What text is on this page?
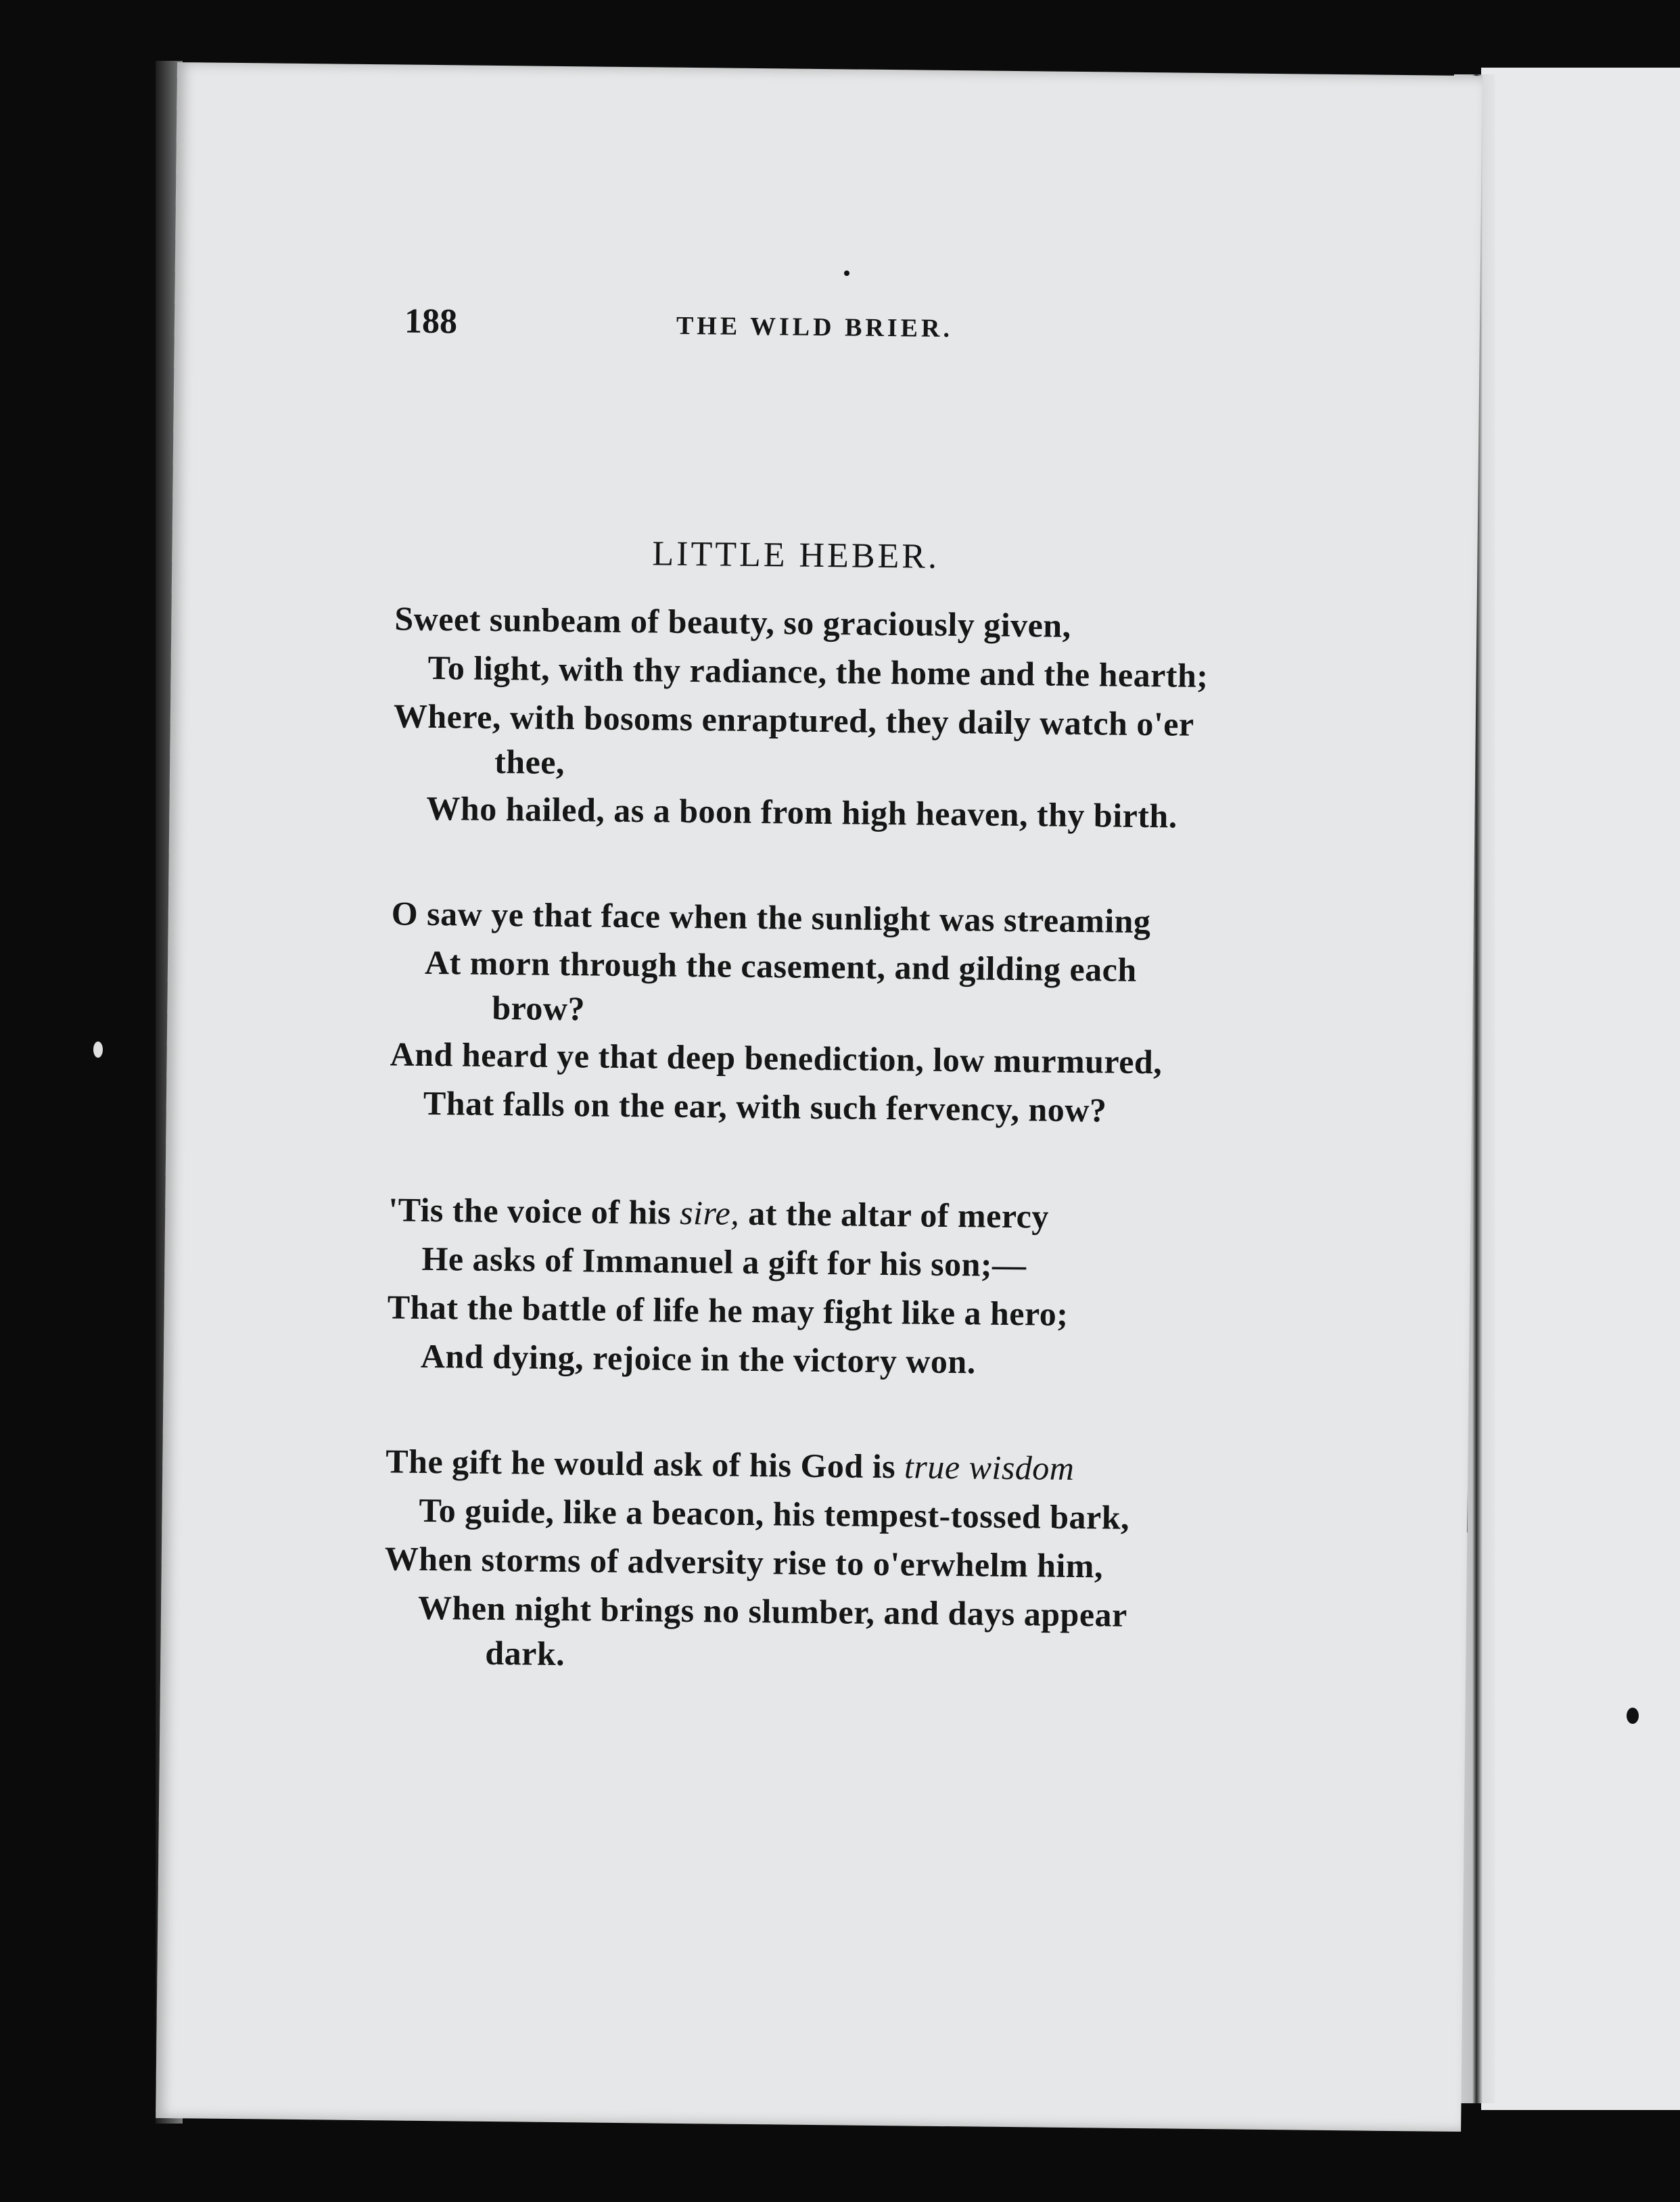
188	THE WILD BRIER.
LITTLE HEBER.
Sweet sunbeam of beauty, so graciously given,
To light, with thy radiance, the home and the hearth;
Where, with bosoms enraptured, they daily watch o'er
thee,
Who hailed, as a boon from high heaven, thy birth.
O saw ye that face when the sunlight was streaming
At morn through the casement, and gilding each
brow?
And heard ye that deep benediction, low murmured,
That falls on the ear, with such fervency, now?
'Tis the voice of his sire, at the altar of mercy
He asks of Immanuel a gift for his son;—
That the battle of life he may fight like a hero;
And dying, rejoice in the victory won.
The gift he would ask of his God is true wisdom
To guide, like a beacon, his tempest-tossed bark,
When storms of adversity rise to o'erwhelm him,
When night brings no slumber, and days appear
dark.
